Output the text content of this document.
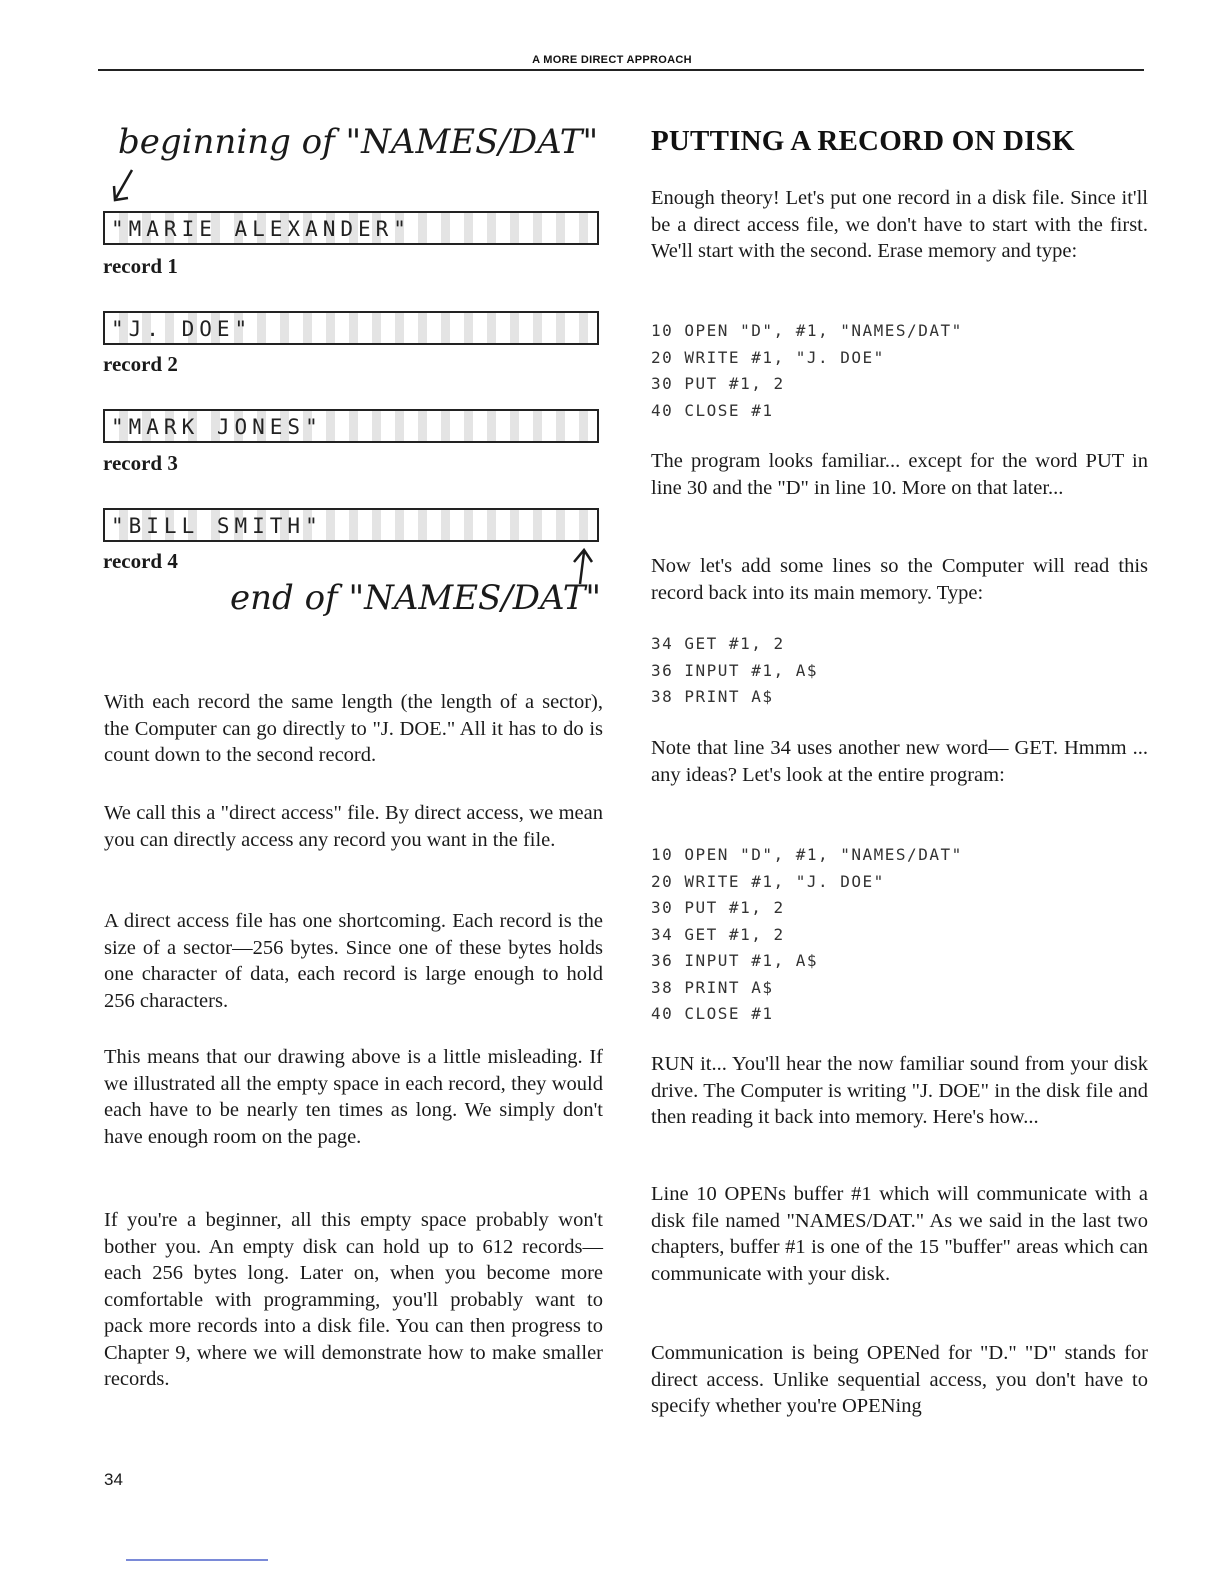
A MORE DIRECT APPROACH
beginning of "NAMES/DAT"
"MARIE ALEXANDER"
record 1
"J. DOE"
record 2
"MARK JONES"
record 3
"BILL SMITH"
record 4
end of "NAMES/DAT"

With each record the same length (the length of a sector), the Computer can go directly to "J. DOE." All it has to do is count down to the second record.

We call this a "direct access" file. By direct access, we mean you can directly access any record you want in the file.

A direct access file has one shortcoming. Each record is the size of a sector—256 bytes. Since one of these bytes holds one character of data, each record is large enough to hold 256 characters.

This means that our drawing above is a little misleading. If we illustrated all the empty space in each record, they would each have to be nearly ten times as long. We simply don't have enough room on the page.

If you're a beginner, all this empty space probably won't bother you. An empty disk can hold up to 612 records—each 256 bytes long. Later on, when you become more comfortable with programming, you'll probably want to pack more records into a disk file. You can then progress to Chapter 9, where we will demonstrate how to make smaller records.

PUTTING A RECORD ON DISK

Enough theory! Let's put one record in a disk file. Since it'll be a direct access file, we don't have to start with the first. We'll start with the second. Erase memory and type:

10 OPEN "D", #1, "NAMES/DAT"
20 WRITE #1, "J. DOE"
30 PUT #1, 2
40 CLOSE #1

The program looks familiar... except for the word PUT in line 30 and the "D" in line 10. More on that later...

Now let's add some lines so the Computer will read this record back into its main memory. Type:

34 GET #1, 2
36 INPUT #1, A$
38 PRINT A$

Note that line 34 uses another new word— GET. Hmmm ... any ideas? Let's look at the entire program:

10 OPEN "D", #1, "NAMES/DAT"
20 WRITE #1, "J. DOE"
30 PUT #1, 2
34 GET #1, 2
36 INPUT #1, A$
38 PRINT A$
40 CLOSE #1

RUN it... You'll hear the now familiar sound from your disk drive. The Computer is writing "J. DOE" in the disk file and then reading it back into memory. Here's how...

Line 10 OPENs buffer #1 which will communicate with a disk file named "NAMES/DAT." As we said in the last two chapters, buffer #1 is one of the 15 "buffer" areas which can communicate with your disk.

Communication is being OPENed for "D." "D" stands for direct access. Unlike sequential access, you don't have to specify whether you're OPENing

34
